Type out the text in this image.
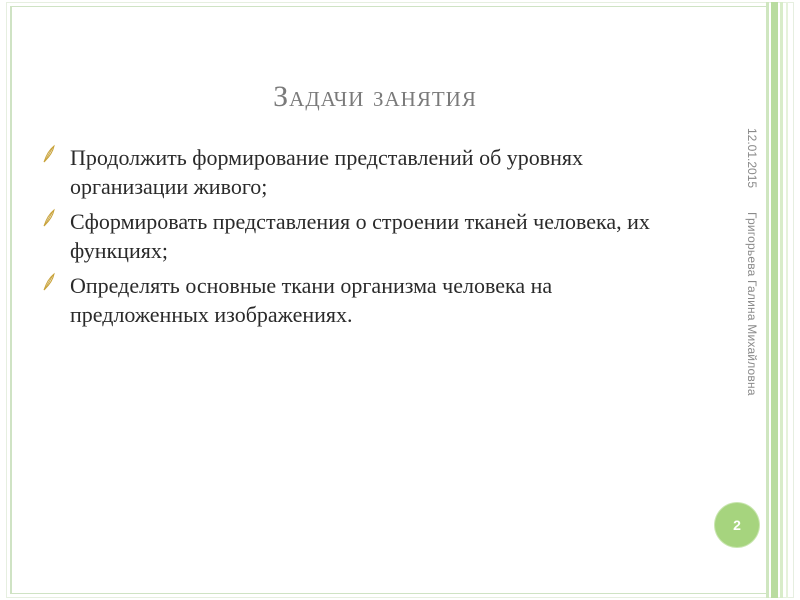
Задачи занятия
Продолжить формирование представлений об уровнях организации живого;
Сформировать представления о строении тканей человека, их функциях;
Определять основные ткани организма человека на предложенных изображениях.
12.01.2015
Григорьева Галина Михайловна
2
